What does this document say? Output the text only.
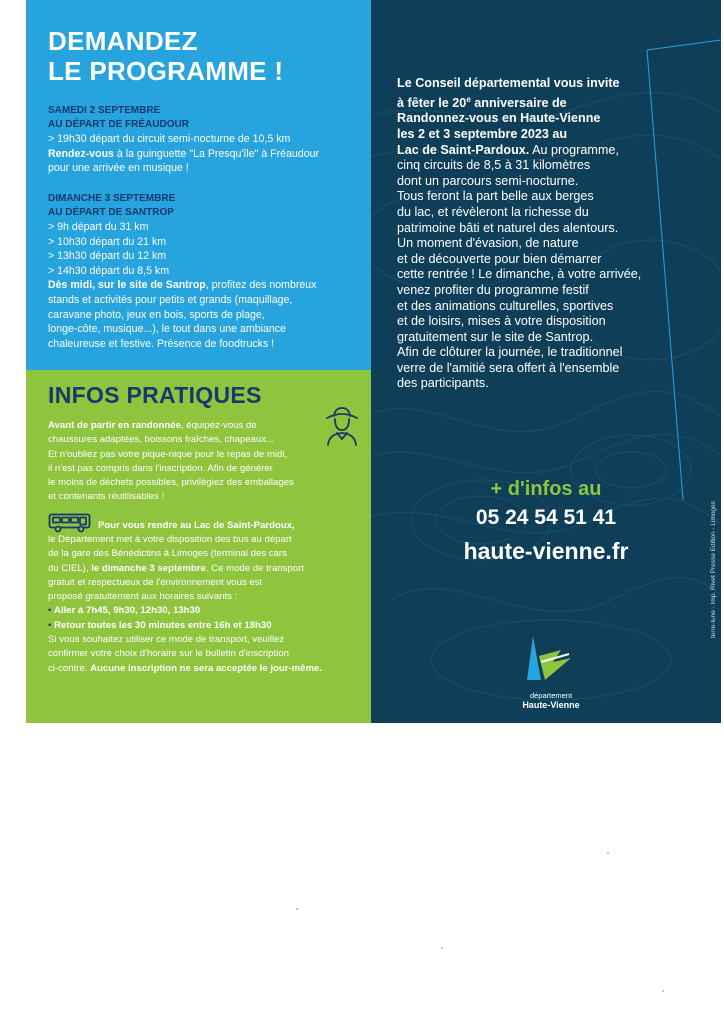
DEMANDEZ
LE PROGRAMME !
SAMEDI 2 SEPTEMBRE
AU DÉPART DE FRÉAUDOUR
> 19h30 départ du circuit semi-nocturne de 10,5 km
Rendez-vous à la guinguette "La Presqu'île" à Fréaudour
pour une arrivée en musique !
DIMANCHE 3 SEPTEMBRE
AU DÉPART DE SANTROP
> 9h départ du 31 km
> 10h30 départ du 21 km
> 13h30 départ du 12 km
> 14h30 départ du 8,5 km
Dès midi, sur le site de Santrop, profitez des nombreux
stands et activités pour petits et grands (maquillage,
caravane photo, jeux en bois, sports de plage,
longe-côte, musique...), le tout dans une ambiance
chaleureuse et festive. Présence de foodtrucks !
INFOS PRATIQUES
Avant de partir en randonnée, équipez-vous de
chaussures adaptées, boissons fraîches, chapeaux...
Et n'oubliez pas votre pique-nique pour le repas de midi,
il n'est pas compris dans l'inscription. Afin de générer
le moins de déchets possibles, privilégiez des emballages
et contenants réutilisables !
Pour vous rendre au Lac de Saint-Pardoux,
le Département met à votre disposition des bus au départ
de la gare des Bénédictins à Limoges (terminal des cars
du CIEL), le dimanche 3 septembre. Ce mode de transport
gratuit et respectueux de l'environnement vous est
proposé gratuitement aux horaires suivants :
• Aller à 7h45, 9h30, 12h30, 13h30
• Retour toutes les 30 minutes entre 16h et 18h30
Si vous souhaitez utiliser ce mode de transport, veuillez
confirmer votre choix d'horaire sur le bulletin d'inscription
ci-contre. Aucune inscription ne sera acceptée le jour-même.
Le Conseil départemental vous invite
à fêter le 20e anniversaire de
Randonnez-vous en Haute-Vienne
les 2 et 3 septembre 2023 au
Lac de Saint-Pardoux. Au programme,
cinq circuits de 8,5 à 31 kilomètres
dont un parcours semi-nocturne.
Tous feront la part belle aux berges
du lac, et révèleront la richesse du
patrimoine bâti et naturel des alentours.
Un moment d'évasion, de nature
et de découverte pour bien démarrer
cette rentrée ! Le dimanche, à votre arrivée,
venez profiter du programme festif
et des animations culturelles, sportives
et de loisirs, mises à votre disposition
gratuitement sur le site de Santrop.
Afin de clôturer la journée, le traditionnel
verre de l'amitié sera offert à l'ensemble
des participants.
+ d'infos au
05 24 54 51 41
haute-vienne.fr
département
Haute-Vienne
terre-lune - Imp. Rivet Presse Edition - Limoges
